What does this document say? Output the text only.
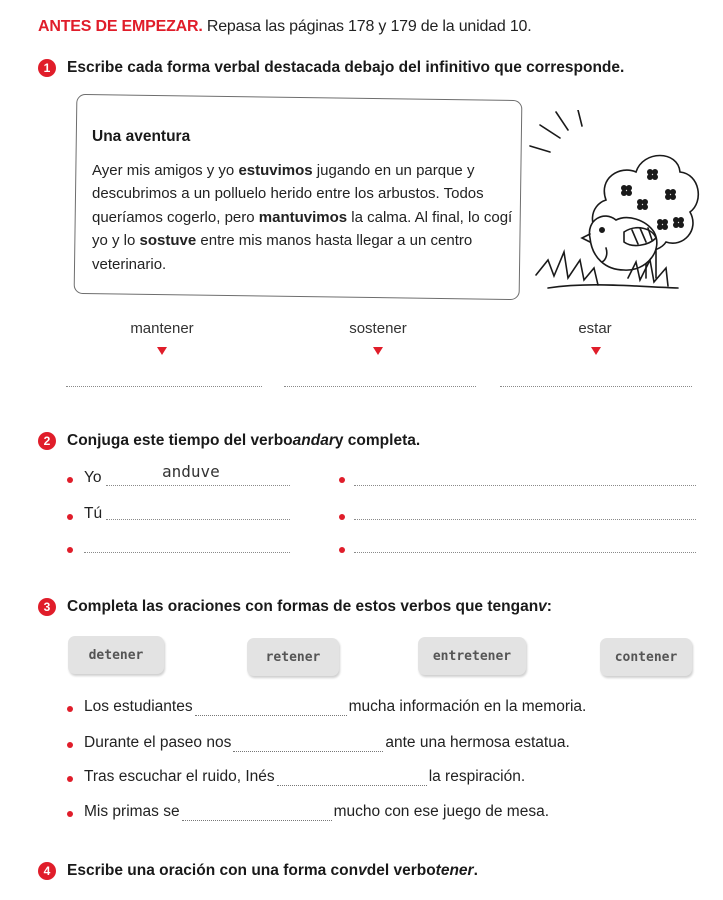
ANTES DE EMPEZAR. Repasa las páginas 178 y 179 de la unidad 10.
1	Escribe cada forma verbal destacada debajo del infinitivo que corresponde.
Una aventura
Ayer mis amigos y yo estuvimos jugando en un parque y descubrimos a un polluelo herido entre los arbustos. Todos queríamos cogerlo, pero mantuvimos la calma. Al final, lo cogí yo y lo sostuve entre mis manos hasta llegar a un centro veterinario.
mantener	sostener	estar
2	Conjuga este tiempo del verbo andar y completa.
Yo	anduve
Tú
3	Completa las oraciones con formas de estos verbos que tengan v :
detener	retener	entretener	contener
Los estudiantes	mucha información en la memoria.
Durante el paseo nos	ante una hermosa estatua.
Tras escuchar el ruido, Inés	la respiración.
Mis primas se	mucho con ese juego de mesa.
4	Escribe una oración con una forma con v del verbo tener .
